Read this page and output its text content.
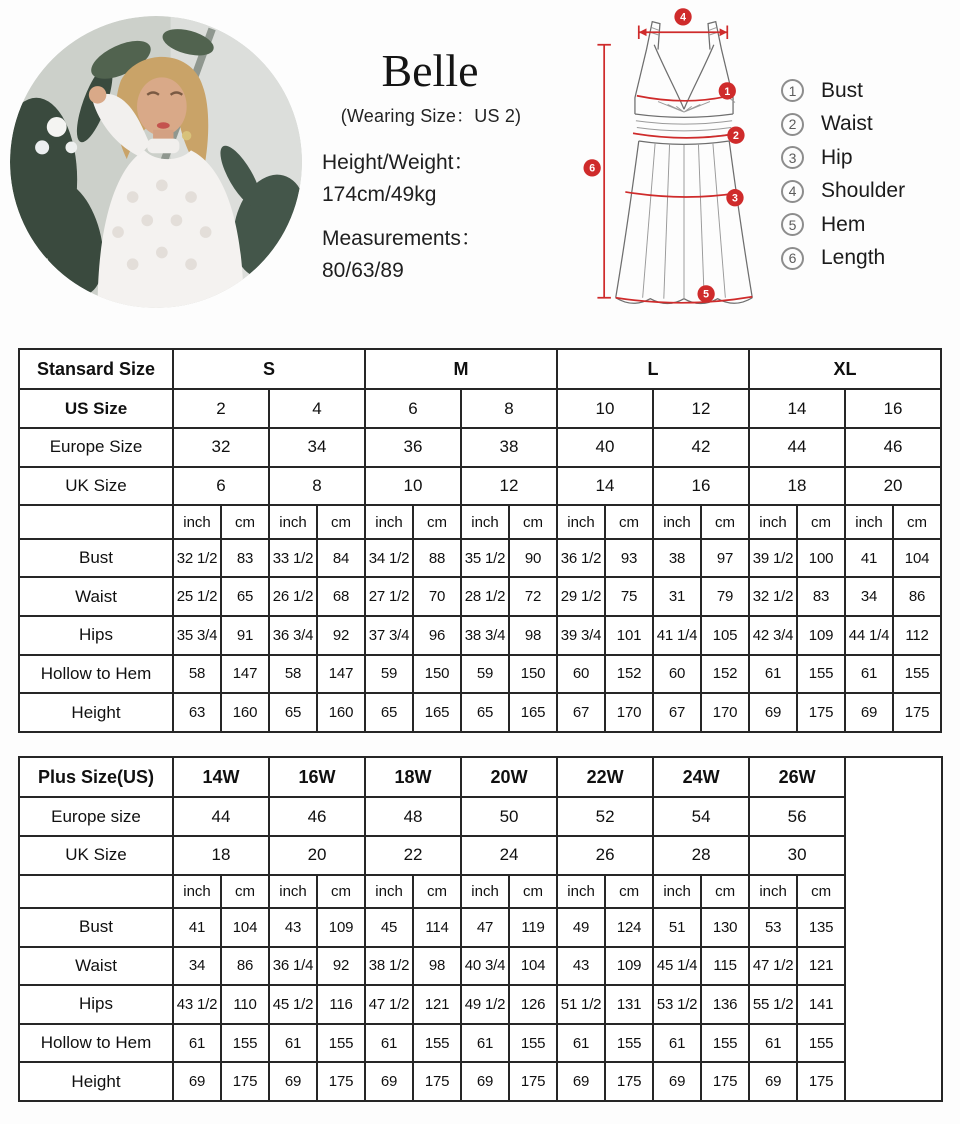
Belle
(Wearing Size：US 2)
Height/Weight：
174cm/49kg
Measurements：
80/63/89
4
1
2
3
5
6
1	Bust
2	Waist
3	Hip
4	Shoulder
5	Hem
6	Length
Stansard Size	S				M				L				XL			
US Size	2		4		6		8		10		12		14		16	
Europe Size	32		34		36		38		40		42		44		46	
UK Size	6		8		10		12		14		16		18		20	
	inch	cm	inch	cm	inch	cm	inch	cm	inch	cm	inch	cm	inch	cm	inch	cm
Bust	32 1/2	83	33 1/2	84	34 1/2	88	35 1/2	90	36 1/2	93	38	97	39 1/2	100	41	104
Waist	25 1/2	65	26 1/2	68	27 1/2	70	28 1/2	72	29 1/2	75	31	79	32 1/2	83	34	86
Hips	35 3/4	91	36 3/4	92	37 3/4	96	38 3/4	98	39 3/4	101	41 1/4	105	42 3/4	109	44 1/4	112
Hollow to Hem	58	147	58	147	59	150	59	150	60	152	60	152	61	155	61	155
Height	63	160	65	160	65	165	65	165	67	170	67	170	69	175	69	175
Plus Size(US)	14W		16W		18W		20W		22W		24W		26W		
Europe size	44		46		48		50		52		54		56		
UK Size	18		20		22		24		26		28		30		
	inch	cm	inch	cm	inch	cm	inch	cm	inch	cm	inch	cm	inch	cm	
Bust	41	104	43	109	45	114	47	119	49	124	51	130	53	135	
Waist	34	86	36 1/4	92	38 1/2	98	40 3/4	104	43	109	45 1/4	115	47 1/2	121	
Hips	43 1/2	110	45 1/2	116	47 1/2	121	49 1/2	126	51 1/2	131	53 1/2	136	55 1/2	141	
Hollow to Hem	61	155	61	155	61	155	61	155	61	155	61	155	61	155	
Height	69	175	69	175	69	175	69	175	69	175	69	175	69	175	
